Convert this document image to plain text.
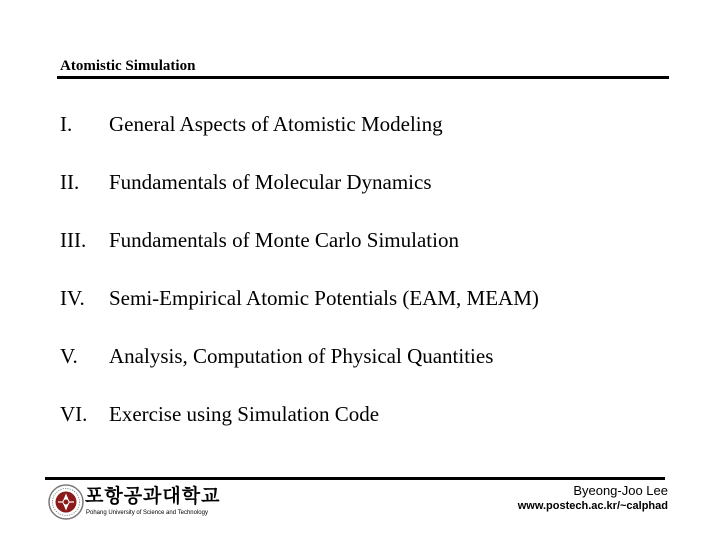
Atomistic Simulation
I.	General Aspects of Atomistic Modeling
II.	Fundamentals of Molecular Dynamics
III.	Fundamentals of Monte Carlo Simulation
IV.	Semi-Empirical Atomic Potentials (EAM, MEAM)
V.	Analysis, Computation of Physical Quantities
VI.	Exercise using Simulation Code
포항공과대학교
Pohang University of Science and Technology
Byeong-Joo Lee
www.postech.ac.kr/~calphad
